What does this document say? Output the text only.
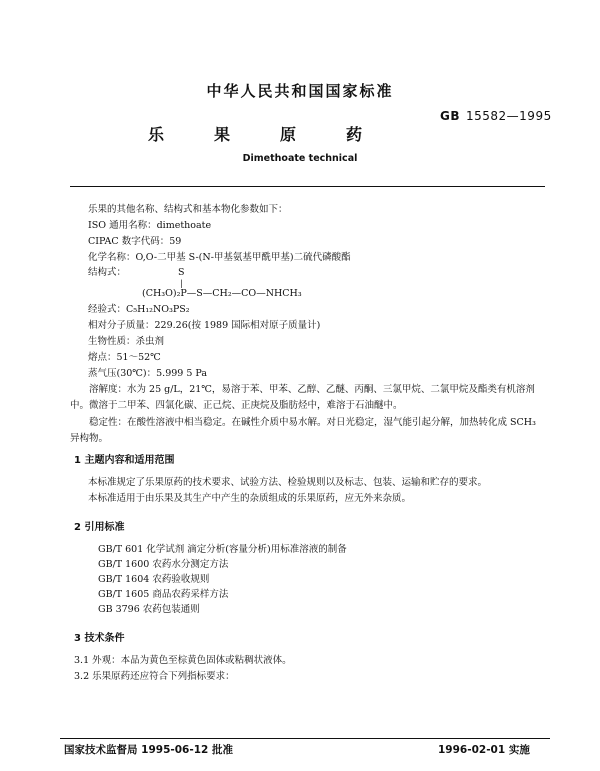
中华人民共和国国家标准
GB 15582—1995
乐果原药
Dimethoate technical
乐果的其他名称、结构式和基本物化参数如下：
ISO 通用名称：dimethoate
CIPAC 数字代码：59
化学名称：O,O-二甲基 S-(N-甲基氨基甲酰甲基)二硫代磷酸酯
结构式：	S
|
(CH₃O)₂P—S—CH₂—CO—NHCH₃
经验式：C₅H₁₂NO₃PS₂
相对分子质量：229.26(按 1989 国际相对原子质量计)
生物性质：杀虫剂
熔点：51～52℃
蒸气压(30℃)：5.999 5 Pa
溶解度：水为 25 g/L，21℃，易溶于苯、甲苯、乙醇、乙醚、丙酮、三氯甲烷、二氯甲烷及酯类有机溶剂中。微溶于二甲苯、四氯化碳、正己烷、正庚烷及脂肪烃中，难溶于石油醚中。
稳定性：在酸性溶液中相当稳定。在碱性介质中易水解。对日光稳定，湿气能引起分解，加热转化成 SCH₃ 异构物。
1 主题内容和适用范围
本标准规定了乐果原药的技术要求、试验方法、检验规则以及标志、包装、运输和贮存的要求。
本标准适用于由乐果及其生产中产生的杂质组成的乐果原药，应无外来杂质。
2 引用标准
GB/T 601 化学试剂 滴定分析(容量分析)用标准溶液的制备
GB/T 1600 农药水分测定方法
GB/T 1604 农药验收规则
GB/T 1605 商品农药采样方法
GB 3796 农药包装通则
3 技术条件
3.1 外观：本品为黄色至棕黄色固体或粘稠状液体。
3.2 乐果原药还应符合下列指标要求：
国家技术监督局 1995-06-12 批准	1996-02-01 实施
